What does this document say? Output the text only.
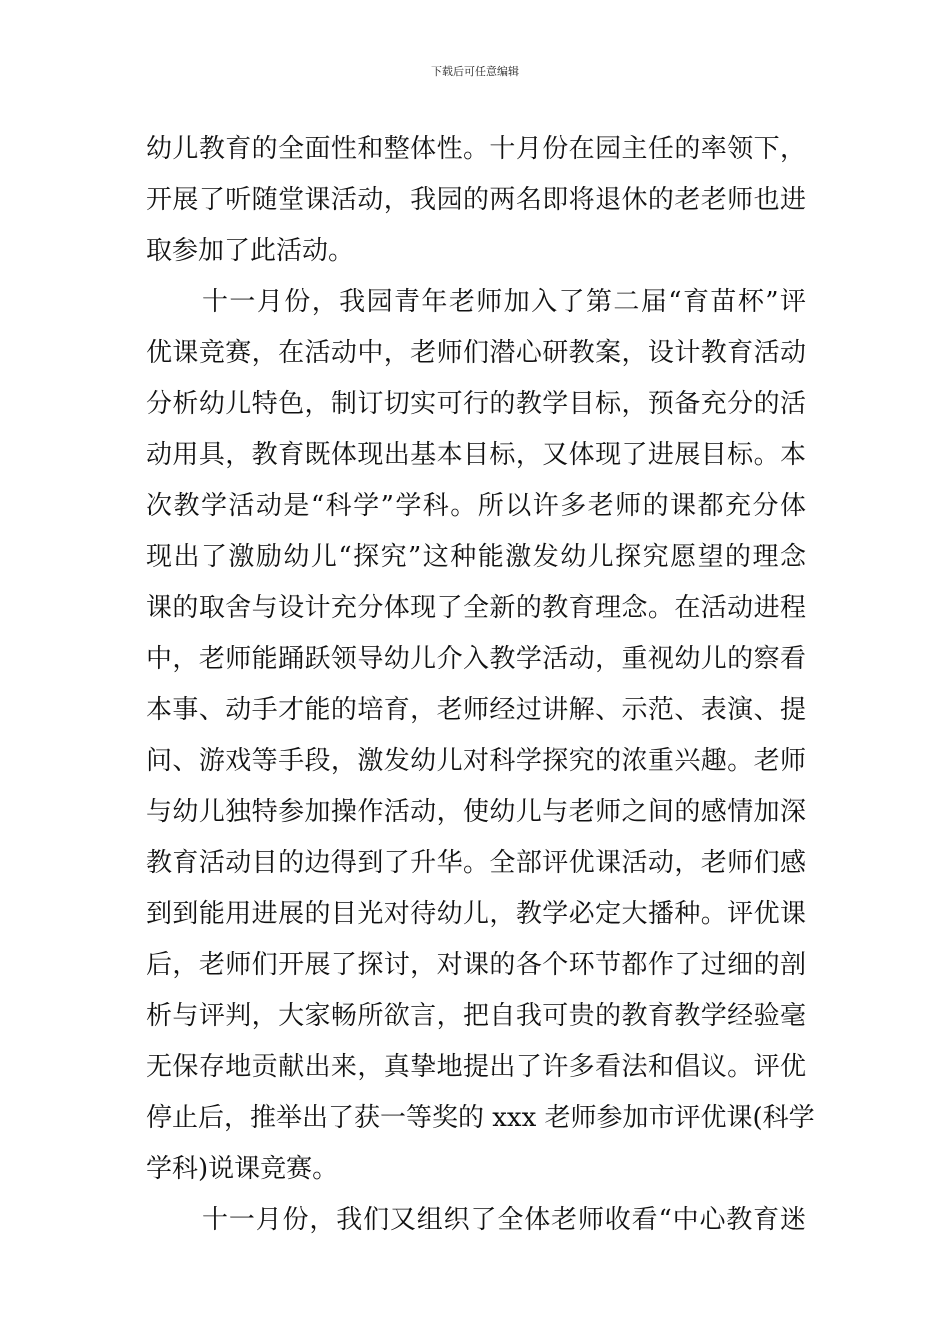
下载后可任意编辑
幼儿教育的全面性和整体性。十月份在园主任的率领下，
开展了听随堂课活动，我园的两名即将退休的老老师也进
取参加了此活动。
十一月份，我园青年老师加入了第二届“育苗杯”评
优课竞赛，在活动中，老师们潜心研教案，设计教育活动
分析幼儿特色，制订切实可行的教学目标，预备充分的活
动用具，教育既体现出基本目标，又体现了进展目标。本
次教学活动是“科学”学科。所以许多老师的课都充分体
现出了激励幼儿“探究”这种能激发幼儿探究愿望的理念
课的取舍与设计充分体现了全新的教育理念。在活动进程
中，老师能踊跃领导幼儿介入教学活动，重视幼儿的察看
本事、动手才能的培育，老师经过讲解、示范、表演、提
问、游戏等手段，激发幼儿对科学探究的浓重兴趣。老师
与幼儿独特参加操作活动，使幼儿与老师之间的感情加深
教育活动目的边得到了升华。全部评优课活动，老师们感
到到能用进展的目光对待幼儿，教学必定大播种。评优课
后，老师们开展了探讨，对课的各个环节都作了过细的剖
析与评判，大家畅所欲言，把自我可贵的教育教学经验毫
无保存地贡献出来，真挚地提出了许多看法和倡议。评优
停止后，推举出了获一等奖的 xxx 老师参加市评优课(科学
学科)说课竞赛。
十一月份，我们又组织了全体老师收看“中心教育迷
